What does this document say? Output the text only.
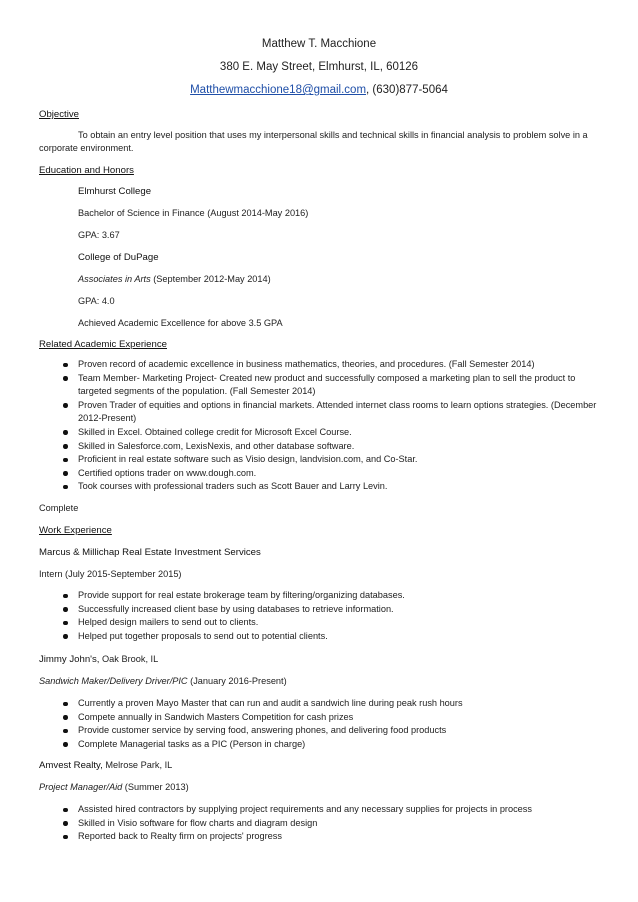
Matthew T. Macchione
380 E. May Street, Elmhurst, IL, 60126
Matthewmacchione18@gmail.com, (630)877-5064
Objective
To obtain an entry level position that uses my interpersonal skills and technical skills in financial analysis to problem solve in a corporate environment.
Education and Honors
Elmhurst College
Bachelor of Science in Finance (August 2014-May 2016)
GPA: 3.67
College of DuPage
Associates in Arts (September 2012-May 2014)
GPA: 4.0
Achieved Academic Excellence for above 3.5 GPA
Related Academic Experience
Proven record of academic excellence in business mathematics, theories, and procedures. (Fall Semester 2014)
Team Member- Marketing Project- Created new product and successfully composed a marketing plan to sell the product to targeted segments of the population. (Fall Semester 2014)
Proven Trader of equities and options in financial markets. Attended internet class rooms to learn options strategies. (December 2012-Present)
Skilled in Excel. Obtained college credit for Microsoft Excel Course.
Skilled in Salesforce.com, LexisNexis, and other database software.
Proficient in real estate software such as Visio design, landvision.com, and Co-Star.
Certified options trader on www.dough.com.
Took courses with professional traders such as Scott Bauer and Larry Levin.
Complete
Work Experience
Marcus & Millichap Real Estate Investment Services
Intern (July 2015-September 2015)
Provide support for real estate brokerage team by filtering/organizing databases.
Successfully increased client base by using databases to retrieve information.
Helped design mailers to send out to clients.
Helped put together proposals to send out to potential clients.
Jimmy John's, Oak Brook, IL
Sandwich Maker/Delivery Driver/PIC (January 2016-Present)
Currently a proven Mayo Master that can run and audit a sandwich line during peak rush hours
Compete annually in Sandwich Masters Competition for cash prizes
Provide customer service by serving food, answering phones, and delivering food products
Complete Managerial tasks as a PIC (Person in charge)
Amvest Realty, Melrose Park, IL
Project Manager/Aid (Summer 2013)
Assisted hired contractors by supplying project requirements and any necessary supplies for projects in process
Skilled in Visio software for flow charts and diagram design
Reported back to Realty firm on projects' progress
